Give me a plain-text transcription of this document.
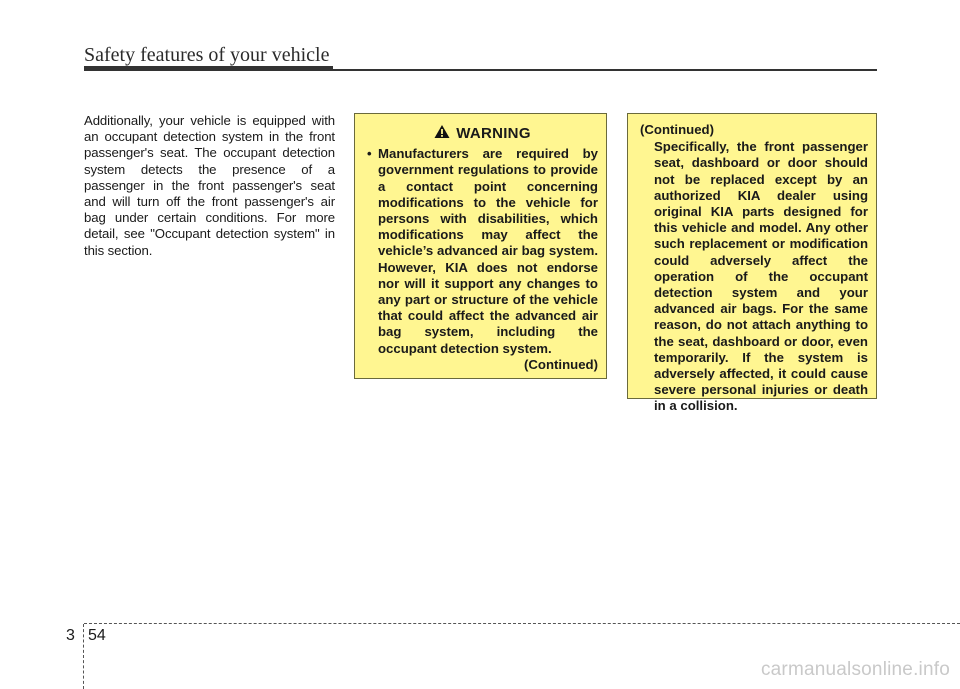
Safety features of your vehicle

Additionally, your vehicle is equipped with an occupant detection system in the front passenger's seat. The occupant detection system detects the presence of a passenger in the front passenger's seat and will turn off the front passenger's air bag under certain conditions. For more detail, see "Occupant detection system" in this section.

WARNING
• Manufacturers are required by government regulations to provide a contact point concerning modifications to the vehicle for persons with disabilities, which modifications may affect the vehicle’s advanced air bag system. However, KIA does not endorse nor will it support any changes to any part or structure of the vehicle that could affect the advanced air bag system, including the occupant detection system.
(Continued)

(Continued)

Specifically, the front passenger seat, dashboard or door should not be replaced except by an authorized KIA dealer using original KIA parts designed for this vehicle and model. Any other such replacement or modification could adversely affect the operation of the occupant detection system and your advanced air bags. For the same reason, do not attach anything to the seat, dashboard or door, even temporarily. If the system is adversely affected, it could cause severe personal injuries or death in a collision.

3 54
carmanualsonline.info
